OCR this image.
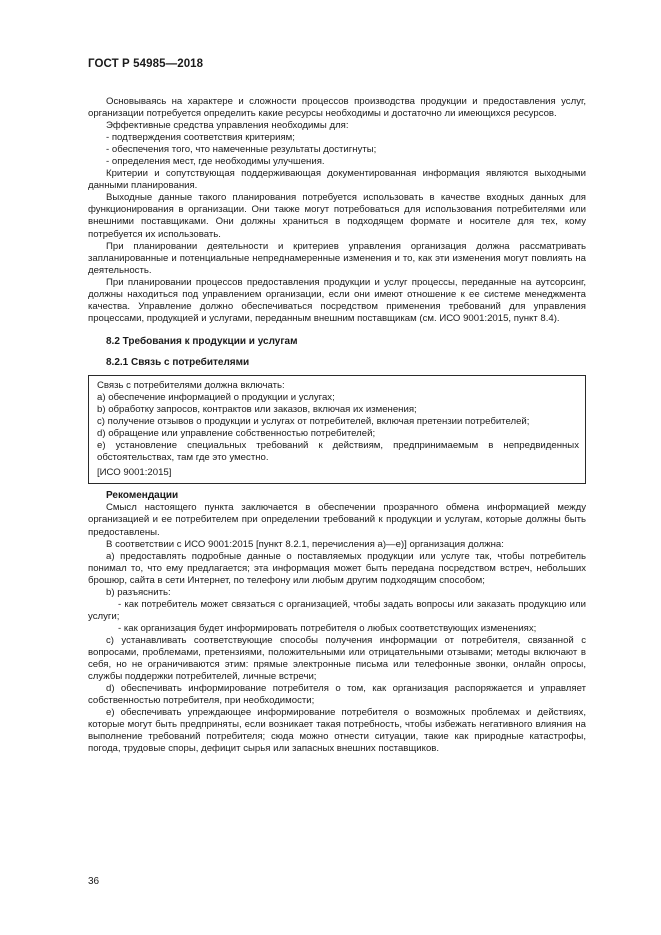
ГОСТ Р 54985—2018

Основываясь на характере и сложности процессов производства продукции и предоставления услуг, организации потребуется определить какие ресурсы необходимы и достаточно ли имеющихся ресурсов.

Эффективные средства управления необходимы для:

- подтверждения соответствия критериям;

- обеспечения того, что намеченные результаты достигнуты;

- определения мест, где необходимы улучшения.

Критерии и сопутствующая поддерживающая документированная информация являются выходными данными планирования.

Выходные данные такого планирования потребуется использовать в качестве входных данных для функционирования в организации. Они также могут потребоваться для использования потребителями или внешними поставщиками. Они должны храниться в подходящем формате и носителе для тех, кому потребуется их использовать.

При планировании деятельности и критериев управления организация должна рассматривать запланированные и потенциальные непреднамеренные изменения и то, как эти изменения могут повлиять на деятельность.

При планировании процессов предоставления продукции и услуг процессы, переданные на аутсорсинг, должны находиться под управлением организации, если они имеют отношение к ее системе менеджмента качества. Управление должно обеспечиваться посредством применения требований для управления процессами, продукцией и услугами, переданным внешним поставщикам (см. ИСО 9001:2015, пункт 8.4).

8.2 Требования к продукции и услугам

8.2.1 Связь с потребителями

Связь с потребителями должна включать:

a) обеспечение информацией о продукции и услугах;

b) обработку запросов, контрактов или заказов, включая их изменения;

c) получение отзывов о продукции и услугах от потребителей, включая претензии потребителей;

d) обращение или управление собственностью потребителей;

e) установление специальных требований к действиям, предпринимаемым в непредвиденных обстоятельствах, там где это уместно.

[ИСО 9001:2015]

Рекомендации

Смысл настоящего пункта заключается в обеспечении прозрачного обмена информацией между организацией и ее потребителем при определении требований к продукции и услугам, которые должны быть предоставлены.

В соответствии с ИСО 9001:2015 [пункт 8.2.1, перечисления a)—e)] организация должна:

a) предоставлять подробные данные о поставляемых продукции или услуге так, чтобы потребитель понимал то, что ему предлагается; эта информация может быть передана посредством встреч, небольших брошюр, сайта в сети Интернет, по телефону или любым другим подходящим способом;

b) разъяснить:

- как потребитель может связаться с организацией, чтобы задать вопросы или заказать продукцию или услуги;

- как организация будет информировать потребителя о любых соответствующих изменениях;

c) устанавливать соответствующие способы получения информации от потребителя, связанной с вопросами, проблемами, претензиями, положительными или отрицательными отзывами; методы включают в себя, но не ограничиваются этим: прямые электронные письма или телефонные звонки, онлайн опросы, службы поддержки потребителей, личные встречи;

d) обеспечивать информирование потребителя о том, как организация распоряжается и управляет собственностью потребителя, при необходимости;

e) обеспечивать упреждающее информирование потребителя о возможных проблемах и действиях, которые могут быть предприняты, если возникает такая потребность, чтобы избежать негативного влияния на выполнение требований потребителя; сюда можно отнести ситуации, такие как природные катастрофы, погода, трудовые споры, дефицит сырья или запасных внешних поставщиков.

36
